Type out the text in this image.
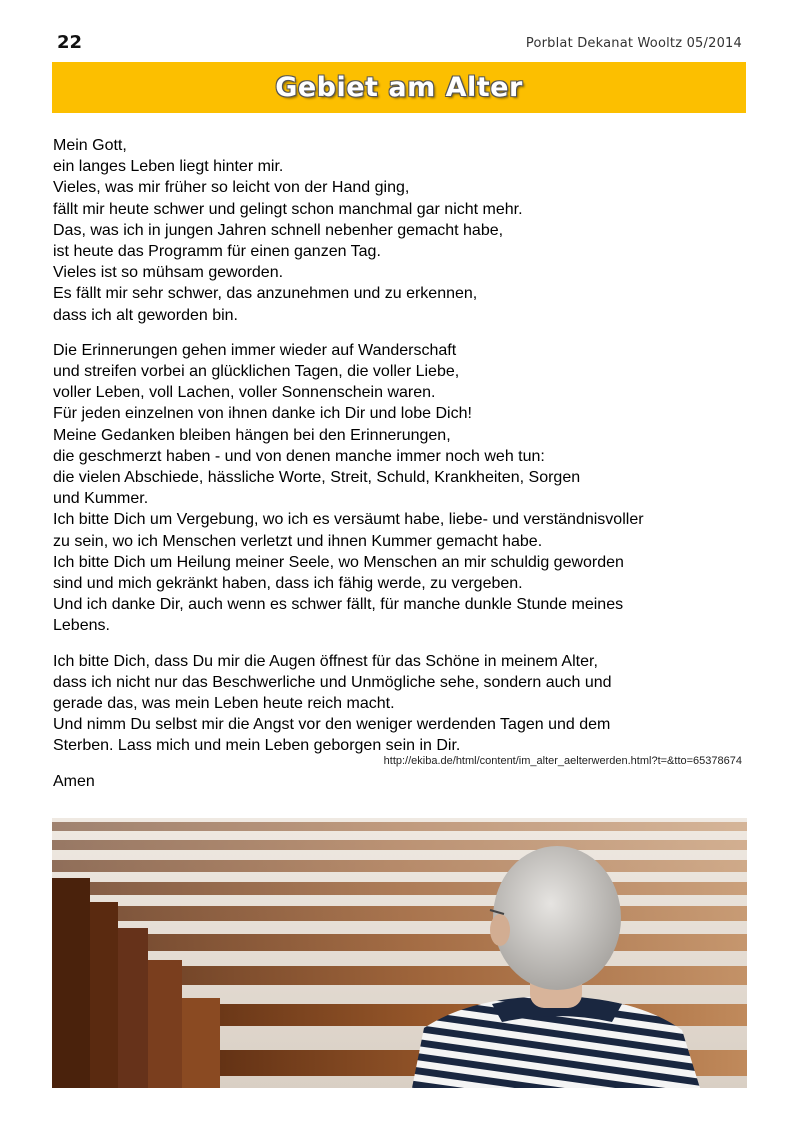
22	Porblat Dekanat Wooltz 05/2014
Gebiet am Alter
Mein Gott,
ein langes Leben liegt hinter mir.
Vieles, was mir früher so leicht von der Hand ging,
fällt mir heute schwer und gelingt schon manchmal gar nicht mehr.
Das, was ich in jungen Jahren schnell nebenher gemacht habe,
ist heute das Programm für einen ganzen Tag.
Vieles ist so mühsam geworden.
Es fällt mir sehr schwer, das anzunehmen und zu erkennen,
dass ich alt geworden bin.
Die Erinnerungen gehen immer wieder auf Wanderschaft
und streifen vorbei an glücklichen Tagen, die voller Liebe,
voller Leben, voll Lachen, voller Sonnenschein waren.
Für jeden einzelnen von ihnen danke ich Dir und lobe Dich!
Meine Gedanken bleiben hängen bei den Erinnerungen,
die geschmerzt haben - und von denen manche immer noch weh tun:
die vielen Abschiede, hässliche Worte, Streit, Schuld, Krankheiten, Sorgen
und Kummer.
Ich bitte Dich um Vergebung, wo ich es versäumt habe, liebe- und verständnisvoller
zu sein, wo ich Menschen verletzt und ihnen Kummer gemacht habe.
Ich bitte Dich um Heilung meiner Seele, wo Menschen an mir schuldig geworden
sind und mich gekränkt haben, dass ich fähig werde, zu vergeben.
Und ich danke Dir, auch wenn es schwer fällt, für manche dunkle Stunde meines
Lebens.
Ich bitte Dich, dass Du mir die Augen öffnest für das Schöne in meinem Alter,
dass ich nicht nur das Beschwerliche und Unmögliche sehe, sondern auch und
gerade das, was mein Leben heute reich macht.
Und nimm Du selbst mir die Angst vor den weniger werdenden Tagen und dem
Sterben. Lass mich und mein Leben geborgen sein in Dir.
Amen
http://ekiba.de/html/content/im_alter_aelterwerden.html?t=&tto=65378674
